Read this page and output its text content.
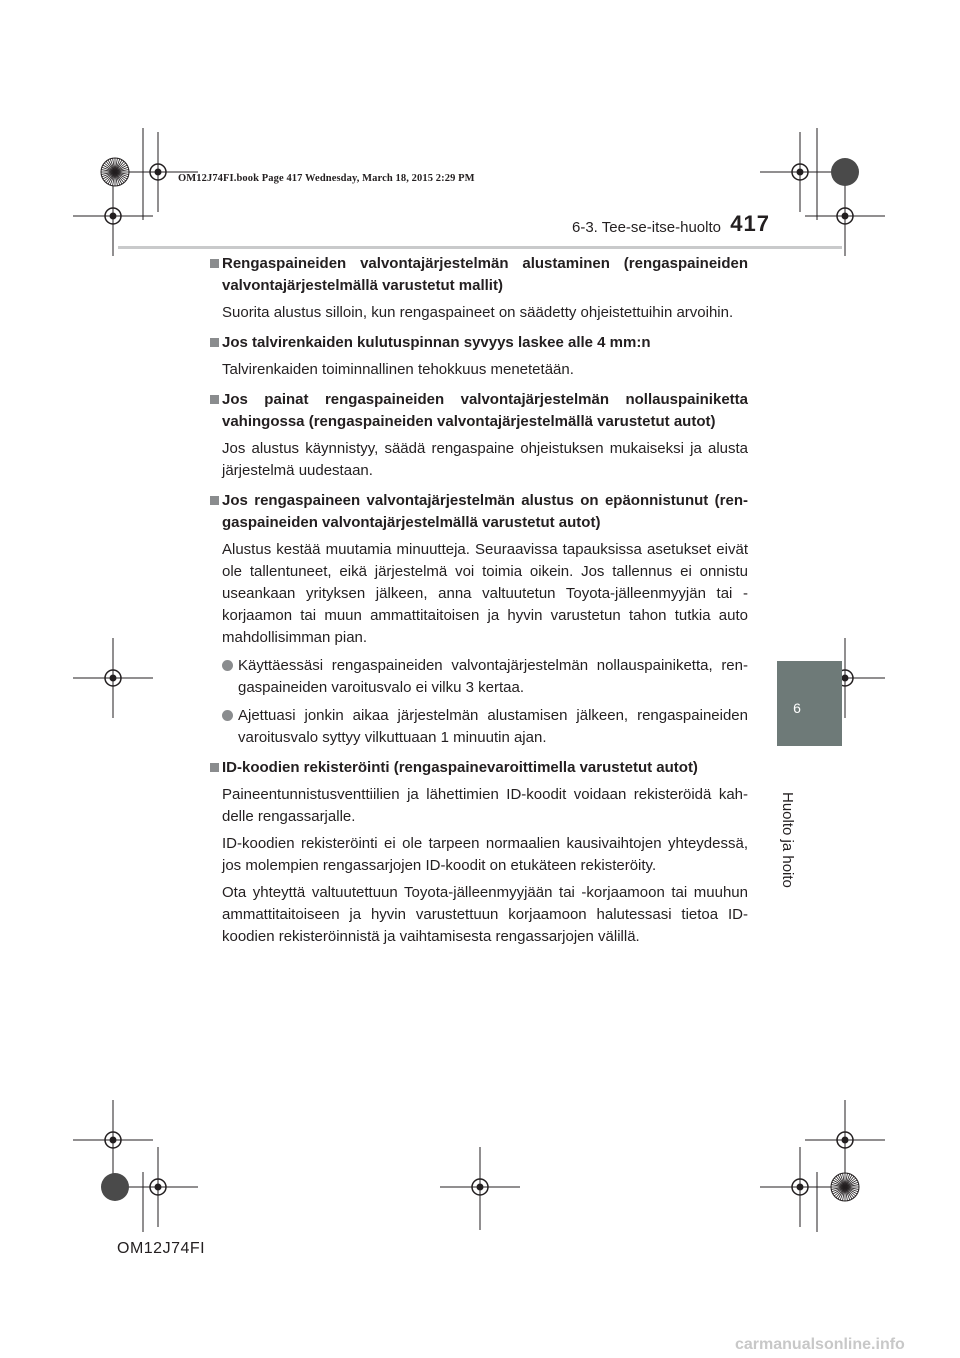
OM12J74FI.book Page 417 Wednesday, March 18, 2015 2:29 PM
6-3. Tee-se-itse-huolto 417
6
Huolto ja hoito
Rengaspaineiden valvontajärjestelmän alustaminen (rengaspaineiden valvontajärjestelmällä varustetut mallit)
Suorita alustus silloin, kun rengaspaineet on säädetty ohjeistettuihin arvoihin.
Jos talvirenkaiden kulutuspinnan syvyys laskee alle 4 mm:n
Talvirenkaiden toiminnallinen tehokkuus menetetään.
Jos painat rengaspaineiden valvontajärjestelmän nollauspainiketta vahingossa (rengaspaineiden valvontajärjestelmällä varustetut autot)
Jos alustus käynnistyy, säädä rengaspaine ohjeistuksen mukaiseksi ja alusta järjestelmä uudestaan.
Jos rengaspaineen valvontajärjestelmän alustus on epäonnistunut (ren-gaspaineiden valvontajärjestelmällä varustetut autot)
Alustus kestää muutamia minuutteja. Seuraavissa tapauksissa asetukset eivät ole tallentuneet, eikä järjestelmä voi toimia oikein. Jos tallennus ei onnistu useankaan yrityksen jälkeen, anna valtuutetun Toyota-jälleenmyyjän tai -korjaamon tai muun ammattitaitoisen ja hyvin varustetun tahon tutkia auto mahdollisimman pian.
Käyttäessäsi rengaspaineiden valvontajärjestelmän nollauspainiketta, ren-gaspaineiden varoitusvalo ei vilku 3 kertaa.
Ajettuasi jonkin aikaa järjestelmän alustamisen jälkeen, rengaspaineiden varoitusvalo syttyy vilkuttuaan 1 minuutin ajan.
ID-koodien rekisteröinti (rengaspainevaroittimella varustetut autot)
Paineentunnistusventtiilien ja lähettimien ID-koodit voidaan rekisteröidä kah-delle rengassarjalle.
ID-koodien rekisteröinti ei ole tarpeen normaalien kausivaihtojen yhteydessä, jos molempien rengassarjojen ID-koodit on etukäteen rekisteröity.
Ota yhteyttä valtuutettuun Toyota-jälleenmyyjään tai -korjaamoon tai muuhun ammattitaitoiseen ja hyvin varustettuun korjaamoon halutessasi tietoa ID-koodien rekisteröinnistä ja vaihtamisesta rengassarjojen välillä.
OM12J74FI
carmanualsonline.info
